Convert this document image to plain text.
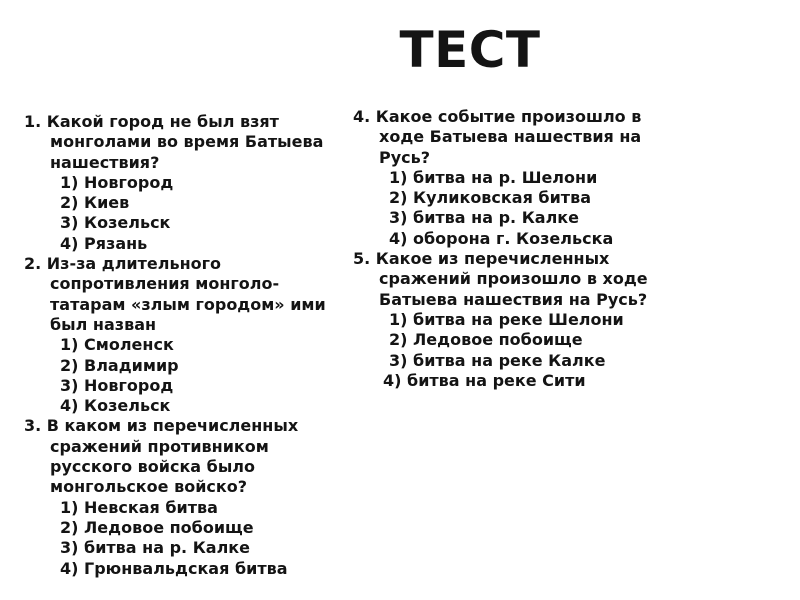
ТЕСТ
1. Какой город не был взят
монголами во время Батыева
нашествия?
1) Новгород
2) Киев
3) Козельск
4) Рязань
2. Из-за длительного
сопротивления монголо-
татарам «злым городом» ими
был назван
1) Смоленск
2) Владимир
3) Новгород
4) Козельск
3. В каком из перечисленных
сражений противником
русского войска было
монгольское войско?
1) Невская битва
2) Ледовое побоище
3) битва на р. Калке
4) Грюнвальдская битва
4. Какое событие произошло в
ходе Батыева нашествия на
Русь?
1) битва на р. Шелони
2) Куликовская битва
3) битва на р. Калке
4) оборона г. Козельска
5. Какое из перечисленных
сражений произошло в ходе
Батыева нашествия на Русь?
1) битва на реке Шелони
2) Ледовое побоище
3) битва на реке Калке
4) битва на реке Сити
